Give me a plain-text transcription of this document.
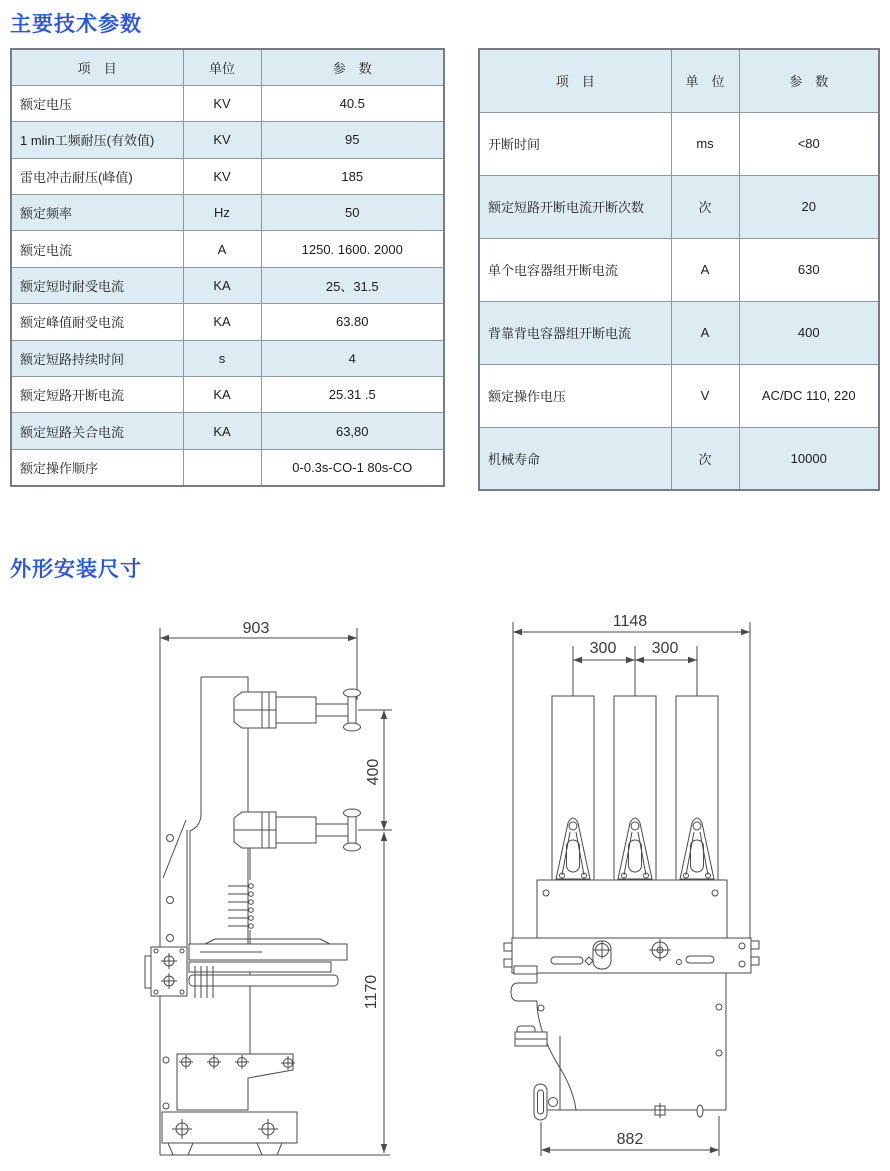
主要技术参数
项　目	单位	参　数
额定电压	KV	40.5
1 mlin工频耐压(有效值)	KV	95
雷电冲击耐压(峰值)	KV	185
额定频率	Hz	50
额定电流	A	1250. 1600. 2000
额定短时耐受电流	KA	25、31.5
额定峰值耐受电流	KA	63.80
额定短路持续时间	s	4
额定短路开断电流	KA	25.31 .5
额定短路关合电流	KA	63,80
额定操作顺序		0-0.3s-CO-1 80s-CO
项　目	单　位	参　数
开断时间	ms	<80
额定短路开断电流开断次数	次	20
单个电容器组开断电流	A	630
背靠背电容器组开断电流	A	400
额定操作电压	V	AC/DC 110, 220
机械寿命	次	10000
外形安装尺寸
903
400
1170
1148
300 300
882
